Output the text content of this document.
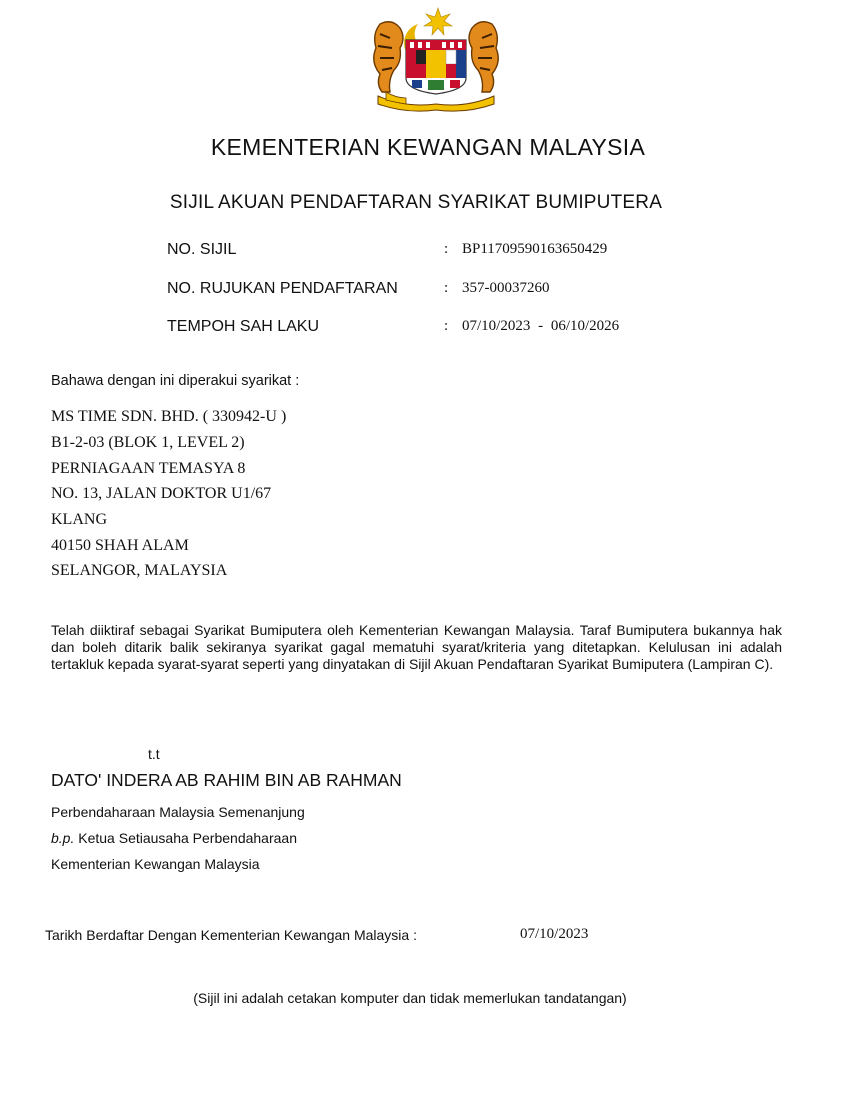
KEMENTERIAN KEWANGAN MALAYSIA
SIJIL AKUAN PENDAFTARAN SYARIKAT BUMIPUTERA
NO. SIJIL	: BP11709590163650429
NO. RUJUKAN PENDAFTARAN	: 357-00037260
TEMPOH SAH LAKU	: 07/10/2023 - 06/10/2026
Bahawa dengan ini diperakui syarikat :
MS TIME SDN. BHD. ( 330942-U )
B1-2-03 (BLOK 1, LEVEL 2)
PERNIAGAAN TEMASYA 8
NO. 13, JALAN DOKTOR U1/67
KLANG
40150 SHAH ALAM
SELANGOR, MALAYSIA
Telah diiktiraf sebagai Syarikat Bumiputera oleh Kementerian Kewangan Malaysia. Taraf Bumiputera bukannya hak dan boleh ditarik balik sekiranya syarikat gagal mematuhi syarat/kriteria yang ditetapkan. Kelulusan ini adalah tertakluk kepada syarat-syarat seperti yang dinyatakan di Sijil Akuan Pendaftaran Syarikat Bumiputera (Lampiran C).
t.t
DATO' INDERA AB RAHIM BIN AB RAHMAN
Perbendaharaan Malaysia Semenanjung
b.p. Ketua Setiausaha Perbendaharaan
Kementerian Kewangan Malaysia
Tarikh Berdaftar Dengan Kementerian Kewangan Malaysia :	07/10/2023
(Sijil ini adalah cetakan komputer dan tidak memerlukan tandatangan)
